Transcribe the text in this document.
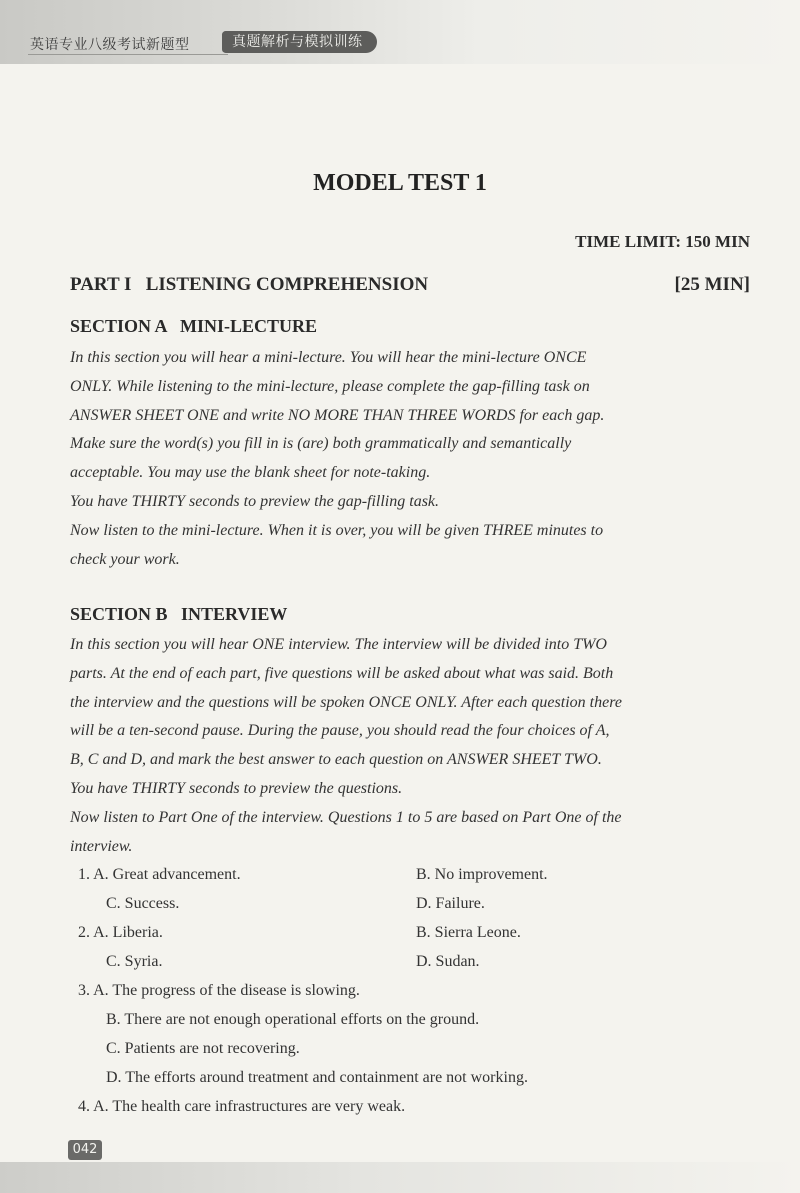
英语专业八级考试新题型	真题解析与模拟训练
MODEL TEST 1
TIME LIMIT: 150 MIN
PART I   LISTENING COMPREHENSION	[25 MIN]
SECTION A   MINI-LECTURE
In this section you will hear a mini-lecture. You will hear the mini-lecture ONCE
ONLY. While listening to the mini-lecture, please complete the gap-filling task on
ANSWER SHEET ONE and write NO MORE THAN THREE WORDS for each gap.
Make sure the word(s) you fill in is (are) both grammatically and semantically
acceptable. You may use the blank sheet for note-taking.
You have THIRTY seconds to preview the gap-filling task.
Now listen to the mini-lecture. When it is over, you will be given THREE minutes to
check your work.
SECTION B   INTERVIEW
In this section you will hear ONE interview. The interview will be divided into TWO
parts. At the end of each part, five questions will be asked about what was said. Both
the interview and the questions will be spoken ONCE ONLY. After each question there
will be a ten-second pause. During the pause, you should read the four choices of A,
B, C and D, and mark the best answer to each question on ANSWER SHEET TWO.
You have THIRTY seconds to preview the questions.
Now listen to Part One of the interview. Questions 1 to 5 are based on Part One of the
interview.
1. A. Great advancement.	B. No improvement.
C. Success.	D. Failure.
2. A. Liberia.	B. Sierra Leone.
C. Syria.	D. Sudan.
3. A. The progress of the disease is slowing.
B. There are not enough operational efforts on the ground.
C. Patients are not recovering.
D. The efforts around treatment and containment are not working.
4. A. The health care infrastructures are very weak.
042
